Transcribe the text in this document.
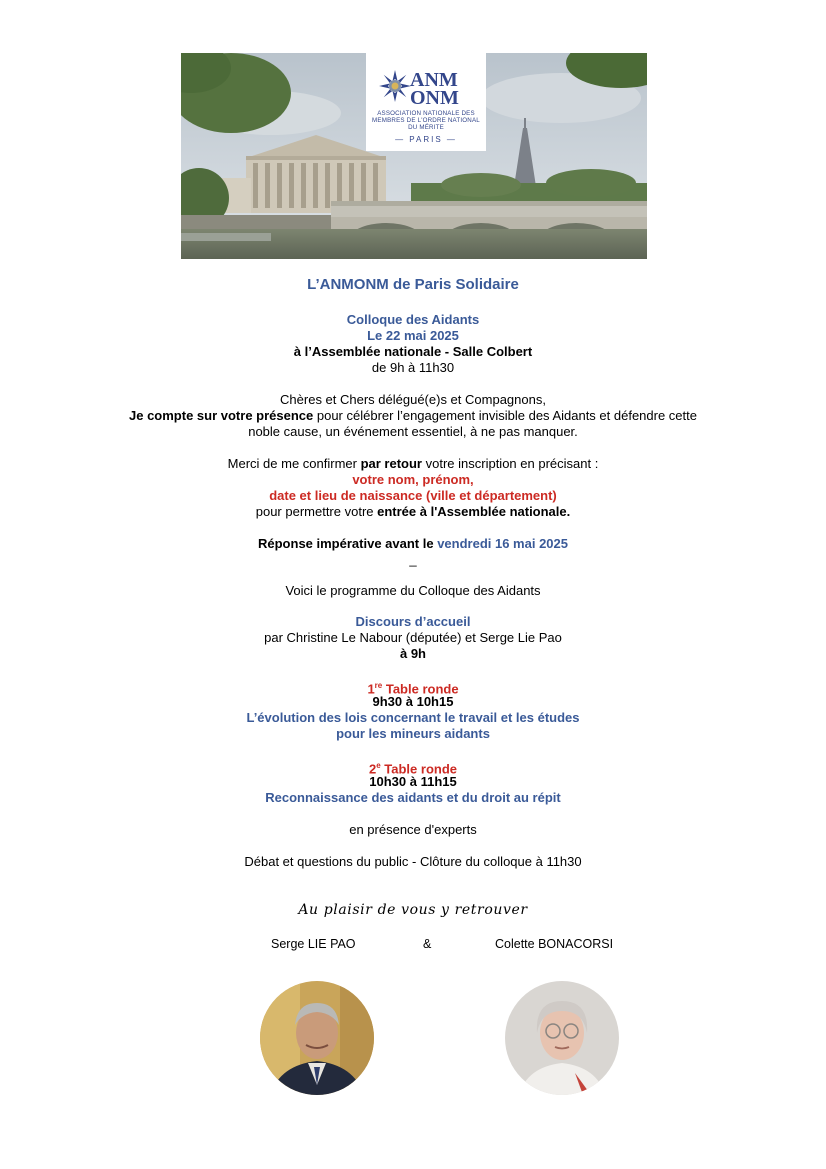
ANM
ONM
ASSOCIATION NATIONALE DES MEMBRES DE L'ORDRE NATIONAL DU MÉRITE
— PARIS —
L’ANMONM de Paris Solidaire
Colloque des Aidants
Le 22 mai 2025
à l’Assemblée nationale - Salle Colbert
de 9h à 11h30
Chères et Chers délégué(e)s et Compagnons,
Je compte sur votre présence pour célébrer l’engagement invisible des Aidants et défendre cette
noble cause, un événement essentiel, à ne pas manquer.
Merci de me confirmer par retour votre inscription en précisant :
votre nom, prénom,
date et lieu de naissance (ville et département)
pour permettre votre entrée à l'Assemblée nationale.
Réponse impérative avant le vendredi 16 mai 2025
_
Voici le programme du Colloque des Aidants
Discours d’accueil
par Christine Le Nabour (députée) et Serge Lie Pao
à 9h
1re Table ronde
9h30 à 10h15
L’évolution des lois concernant le travail et les études
pour les mineurs aidants
2e Table ronde
10h30 à 11h15
Reconnaissance des aidants et du droit au répit
en présence d'experts
Débat et questions du public - Clôture du colloque à 11h30
Au plaisir de vous y retrouver
Serge LIE PAO	&	Colette BONACORSI
